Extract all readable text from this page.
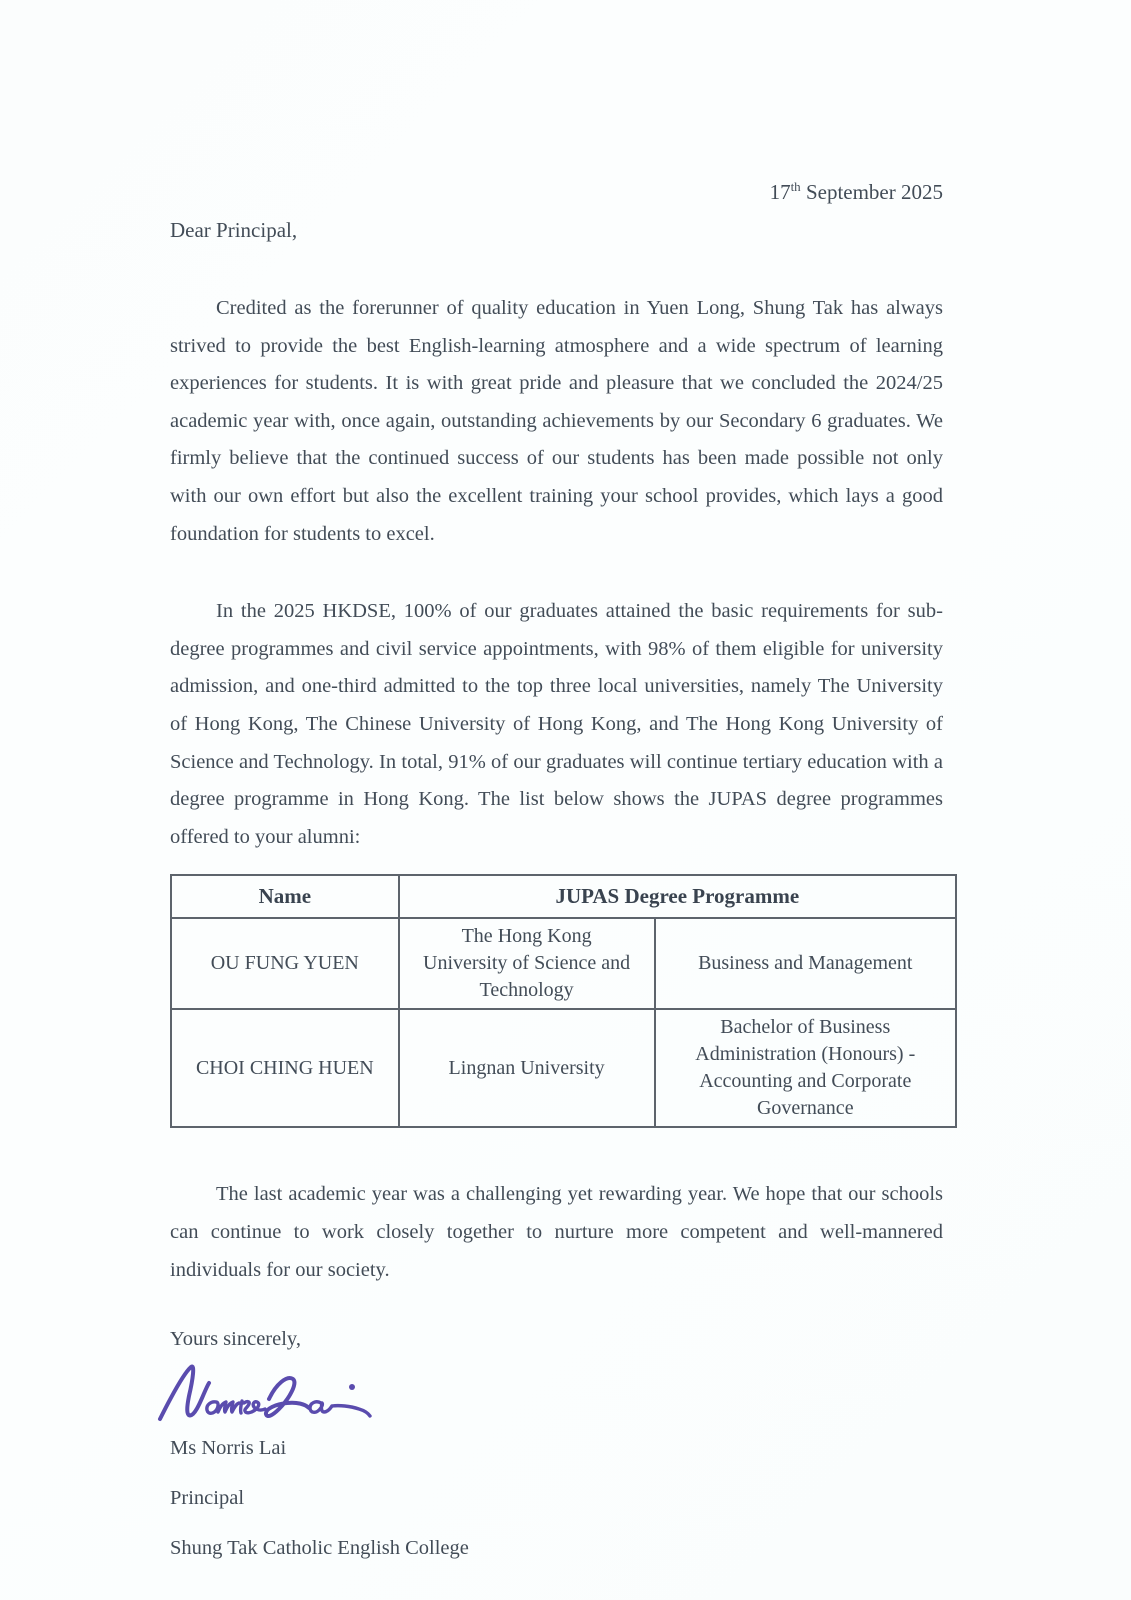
17th September 2025
Dear Principal,

Credited as the forerunner of quality education in Yuen Long, Shung Tak has always strived to provide the best English-learning atmosphere and a wide spectrum of learning experiences for students. It is with great pride and pleasure that we concluded the 2024/25 academic year with, once again, outstanding achievements by our Secondary 6 graduates. We firmly believe that the continued success of our students has been made possible not only with our own effort but also the excellent training your school provides, which lays a good foundation for students to excel.

In the 2025 HKDSE, 100% of our graduates attained the basic requirements for sub-degree programmes and civil service appointments, with 98% of them eligible for university admission, and one-third admitted to the top three local universities, namely The University of Hong Kong, The Chinese University of Hong Kong, and The Hong Kong University of Science and Technology. In total, 91% of our graduates will continue tertiary education with a degree programme in Hong Kong. The list below shows the JUPAS degree programmes offered to your alumni:

Name	JUPAS Degree Programme	
OU FUNG YUEN	The Hong Kong University of Science and Technology	Business and Management
CHOI CHING HUEN	Lingnan University	Bachelor of Business Administration (Honours) - Accounting and Corporate Governance

The last academic year was a challenging yet rewarding year. We hope that our schools can continue to work closely together to nurture more competent and well-mannered individuals for our society.

Yours sincerely,
Ms Norris Lai
Principal
Shung Tak Catholic English College
